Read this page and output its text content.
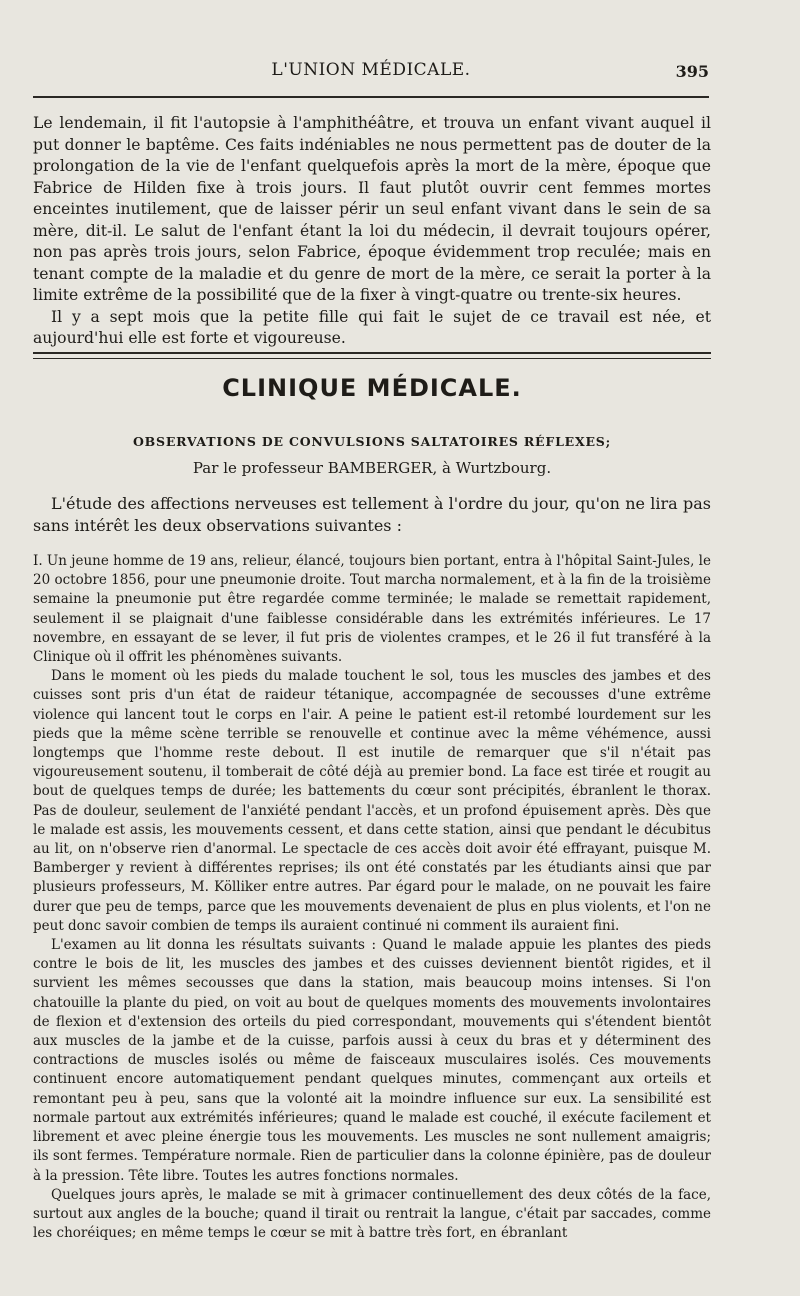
L'UNION MÉDICALE.	395

Le lendemain, il fit l'autopsie à l'amphithéâtre, et trouva un enfant vivant auquel il put donner le baptême. Ces faits indéniables ne nous permettent pas de douter de la prolongation de la vie de l'enfant quelquefois après la mort de la mère, époque que Fabrice de Hilden fixe à trois jours. Il faut plutôt ouvrir cent femmes mortes enceintes inutilement, que de laisser périr un seul enfant vivant dans le sein de sa mère, dit-il. Le salut de l'enfant étant la loi du médecin, il devrait toujours opérer, non pas après trois jours, selon Fabrice, époque évidemment trop reculée; mais en tenant compte de la maladie et du genre de mort de la mère, ce serait la porter à la limite extrême de la possibilité que de la fixer à vingt-quatre ou trente-six heures.

Il y a sept mois que la petite fille qui fait le sujet de ce travail est née, et aujourd'hui elle est forte et vigoureuse.

CLINIQUE MÉDICALE.
OBSERVATIONS DE CONVULSIONS SALTATOIRES RÉFLEXES;
Par le professeur BAMBERGER, à Wurtzbourg.

L'étude des affections nerveuses est tellement à l'ordre du jour, qu'on ne lira pas sans intérêt les deux observations suivantes :

I. Un jeune homme de 19 ans, relieur, élancé, toujours bien portant, entra à l'hôpital Saint-Jules, le 20 octobre 1856, pour une pneumonie droite. Tout marcha normalement, et à la fin de la troisième semaine la pneumonie put être regardée comme terminée; le malade se remettait rapidement, seulement il se plaignait d'une faiblesse considérable dans les extrémités inférieures. Le 17 novembre, en essayant de se lever, il fut pris de violentes crampes, et le 26 il fut transféré à la Clinique où il offrit les phénomènes suivants.

Dans le moment où les pieds du malade touchent le sol, tous les muscles des jambes et des cuisses sont pris d'un état de raideur tétanique, accompagnée de secousses d'une extrême violence qui lancent tout le corps en l'air. A peine le patient est-il retombé lourdement sur les pieds que la même scène terrible se renouvelle et continue avec la même véhémence, aussi longtemps que l'homme reste debout. Il est inutile de remarquer que s'il n'était pas vigoureusement soutenu, il tomberait de côté déjà au premier bond. La face est tirée et rougit au bout de quelques temps de durée; les battements du cœur sont précipités, ébranlent le thorax. Pas de douleur, seulement de l'anxiété pendant l'accès, et un profond épuisement après. Dès que le malade est assis, les mouvements cessent, et dans cette station, ainsi que pendant le décubitus au lit, on n'observe rien d'anormal. Le spectacle de ces accès doit avoir été effrayant, puisque M. Bamberger y revient à différentes reprises; ils ont été constatés par les étudiants ainsi que par plusieurs professeurs, M. Kölliker entre autres. Par égard pour le malade, on ne pouvait les faire durer que peu de temps, parce que les mouvements devenaient de plus en plus violents, et l'on ne peut donc savoir combien de temps ils auraient continué ni comment ils auraient fini.

L'examen au lit donna les résultats suivants : Quand le malade appuie les plantes des pieds contre le bois de lit, les muscles des jambes et des cuisses deviennent bientôt rigides, et il survient les mêmes secousses que dans la station, mais beaucoup moins intenses. Si l'on chatouille la plante du pied, on voit au bout de quelques moments des mouvements involontaires de flexion et d'extension des orteils du pied correspondant, mouvements qui s'étendent bientôt aux muscles de la jambe et de la cuisse, parfois aussi à ceux du bras et y déterminent des contractions de muscles isolés ou même de faisceaux musculaires isolés. Ces mouvements continuent encore automatiquement pendant quelques minutes, commençant aux orteils et remontant peu à peu, sans que la volonté ait la moindre influence sur eux. La sensibilité est normale partout aux extrémités inférieures; quand le malade est couché, il exécute facilement et librement et avec pleine énergie tous les mouvements. Les muscles ne sont nullement amaigris; ils sont fermes. Température normale. Rien de particulier dans la colonne épinière, pas de douleur à la pression. Tête libre. Toutes les autres fonctions normales.

Quelques jours après, le malade se mit à grimacer continuellement des deux côtés de la face, surtout aux angles de la bouche; quand il tirait ou rentrait la langue, c'était par saccades, comme les choréiques; en même temps le cœur se mit à battre très fort, en ébranlant
